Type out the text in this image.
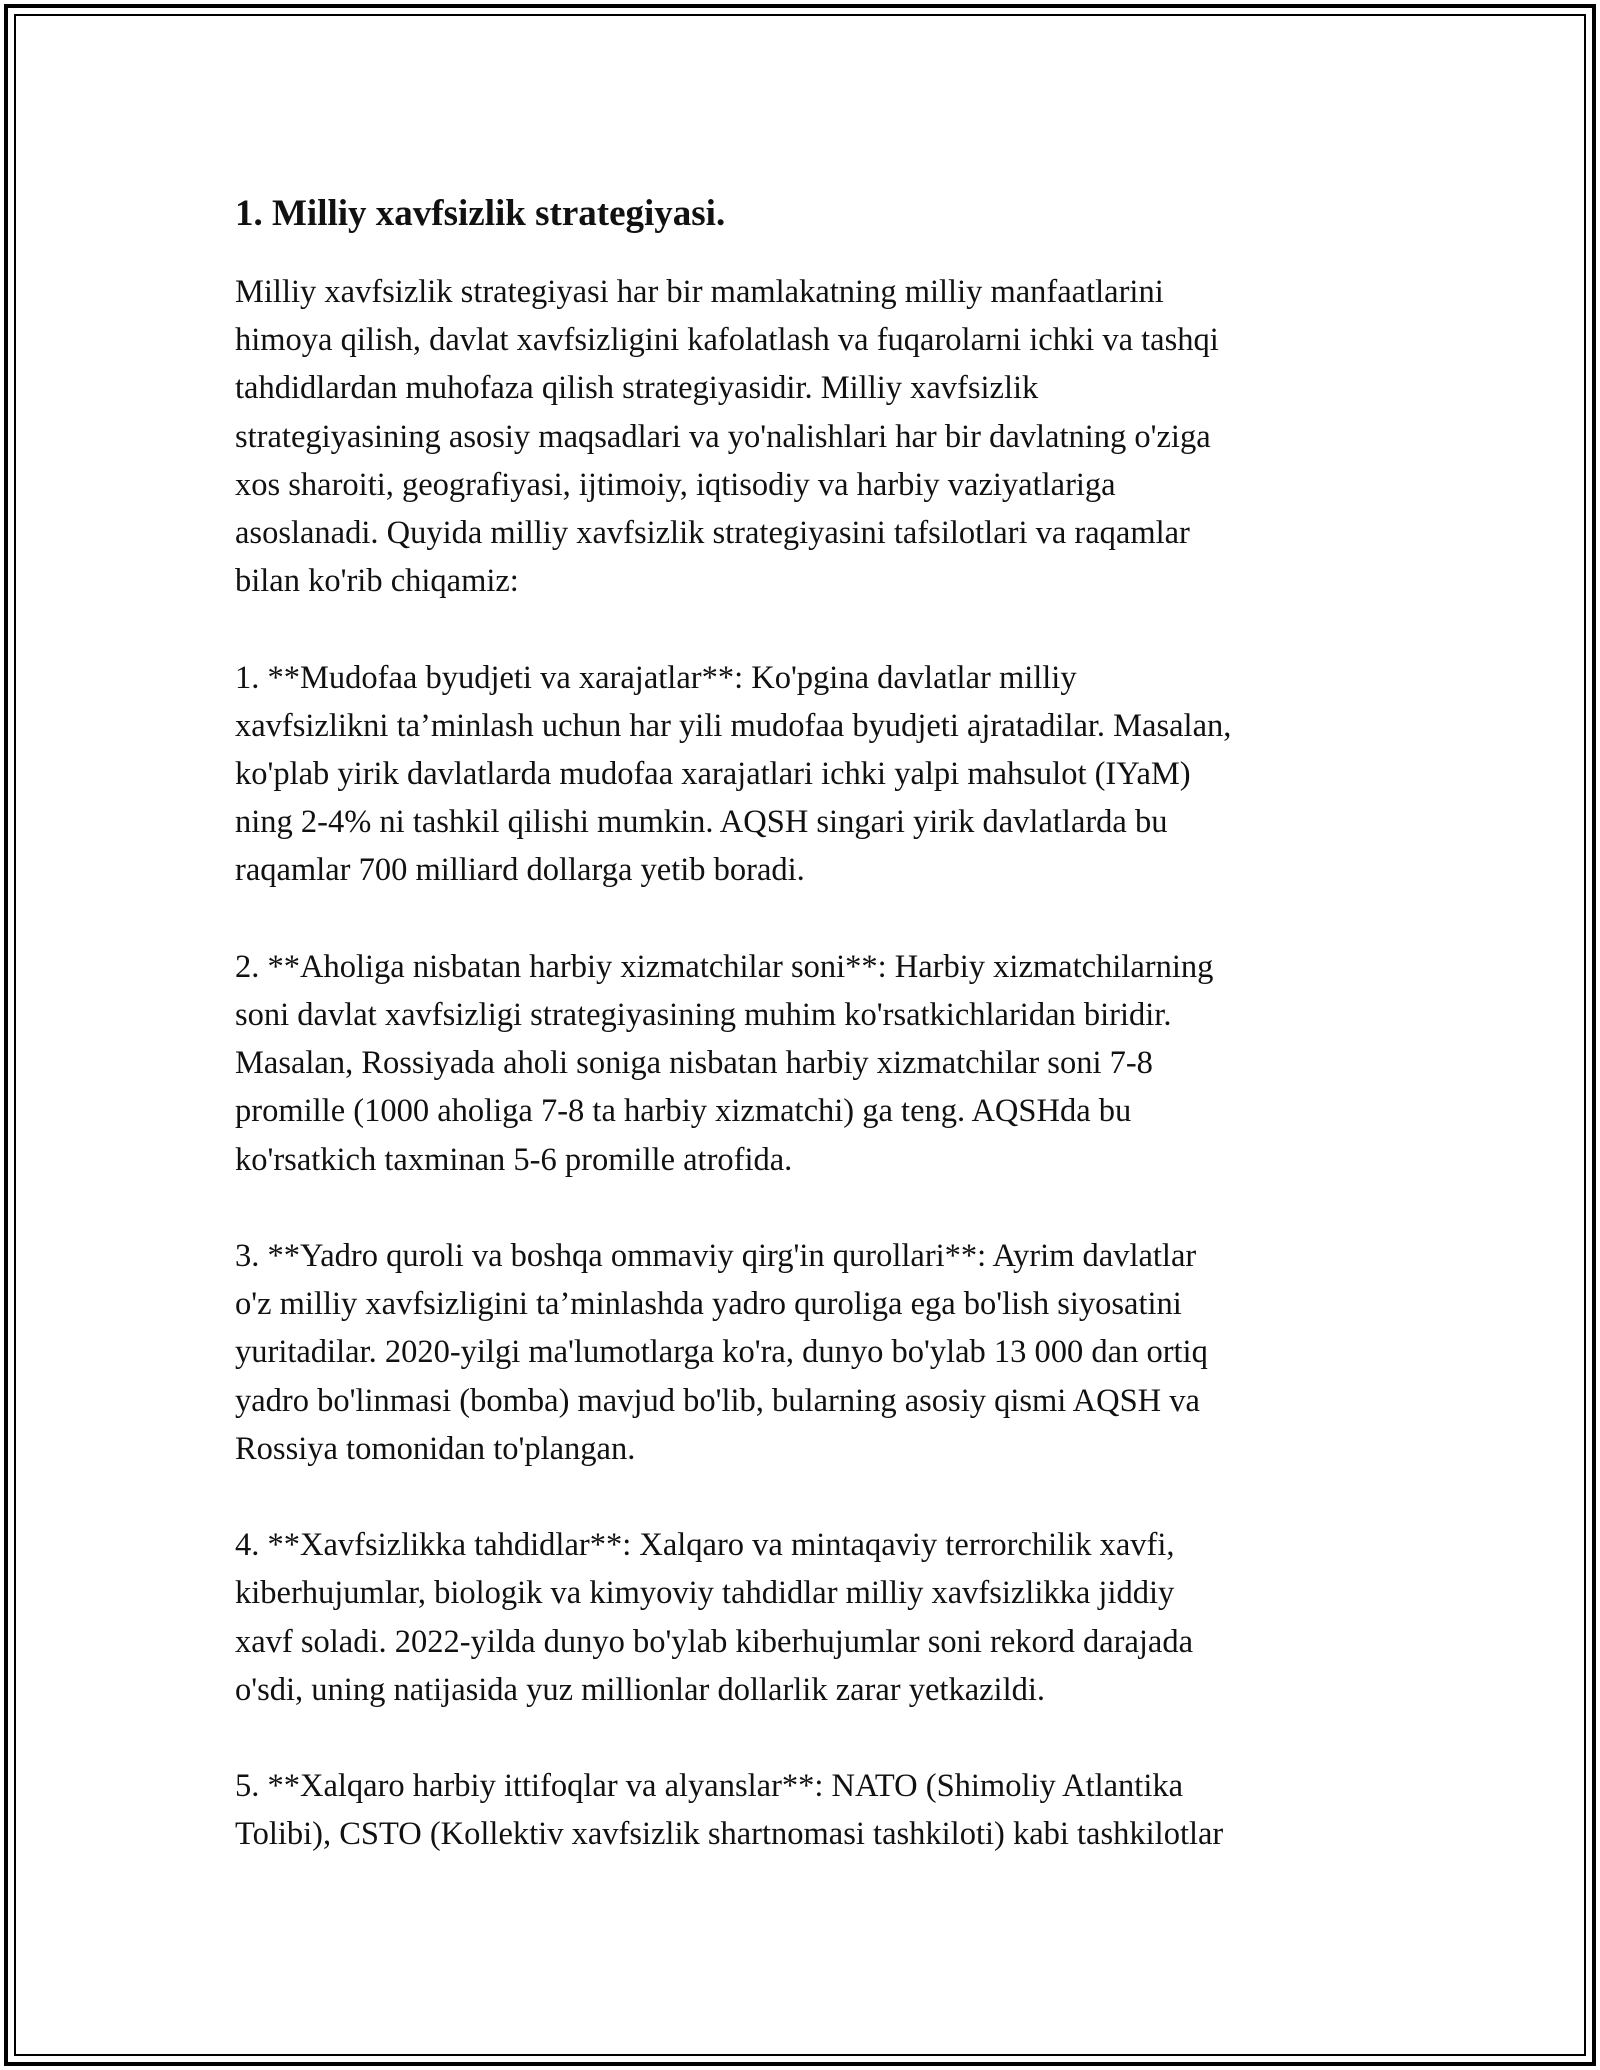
1. Milliy xavfsizlik strategiyasi.

Milliy xavfsizlik strategiyasi har bir mamlakatning milliy manfaatlarini
himoya qilish, davlat xavfsizligini kafolatlash va fuqarolarni ichki va tashqi
tahdidlardan muhofaza qilish strategiyasidir. Milliy xavfsizlik
strategiyasining asosiy maqsadlari va yo'nalishlari har bir davlatning o'ziga
xos sharoiti, geografiyasi, ijtimoiy, iqtisodiy va harbiy vaziyatlariga
asoslanadi. Quyida milliy xavfsizlik strategiyasini tafsilotlari va raqamlar
bilan ko'rib chiqamiz:

1. **Mudofaa byudjeti va xarajatlar**: Ko'pgina davlatlar milliy
xavfsizlikni ta’minlash uchun har yili mudofaa byudjeti ajratadilar. Masalan,
ko'plab yirik davlatlarda mudofaa xarajatlari ichki yalpi mahsulot (IYaM)
ning 2-4% ni tashkil qilishi mumkin. AQSH singari yirik davlatlarda bu
raqamlar 700 milliard dollarga yetib boradi.

2. **Aholiga nisbatan harbiy xizmatchilar soni**: Harbiy xizmatchilarning
soni davlat xavfsizligi strategiyasining muhim ko'rsatkichlaridan biridir.
Masalan, Rossiyada aholi soniga nisbatan harbiy xizmatchilar soni 7-8
promille (1000 aholiga 7-8 ta harbiy xizmatchi) ga teng. AQSHda bu
ko'rsatkich taxminan 5-6 promille atrofida.

3. **Yadro quroli va boshqa ommaviy qirg'in qurollari**: Ayrim davlatlar
o'z milliy xavfsizligini ta’minlashda yadro quroliga ega bo'lish siyosatini
yuritadilar. 2020-yilgi ma'lumotlarga ko'ra, dunyo bo'ylab 13 000 dan ortiq
yadro bo'linmasi (bomba) mavjud bo'lib, bularning asosiy qismi AQSH va
Rossiya tomonidan to'plangan.

4. **Xavfsizlikka tahdidlar**: Xalqaro va mintaqaviy terrorchilik xavfi,
kiberhujumlar, biologik va kimyoviy tahdidlar milliy xavfsizlikka jiddiy
xavf soladi. 2022-yilda dunyo bo'ylab kiberhujumlar soni rekord darajada
o'sdi, uning natijasida yuz millionlar dollarlik zarar yetkazildi.

5. **Xalqaro harbiy ittifoqlar va alyanslar**: NATO (Shimoliy Atlantika
Tolibi), CSTO (Kollektiv xavfsizlik shartnomasi tashkiloti) kabi tashkilotlar
